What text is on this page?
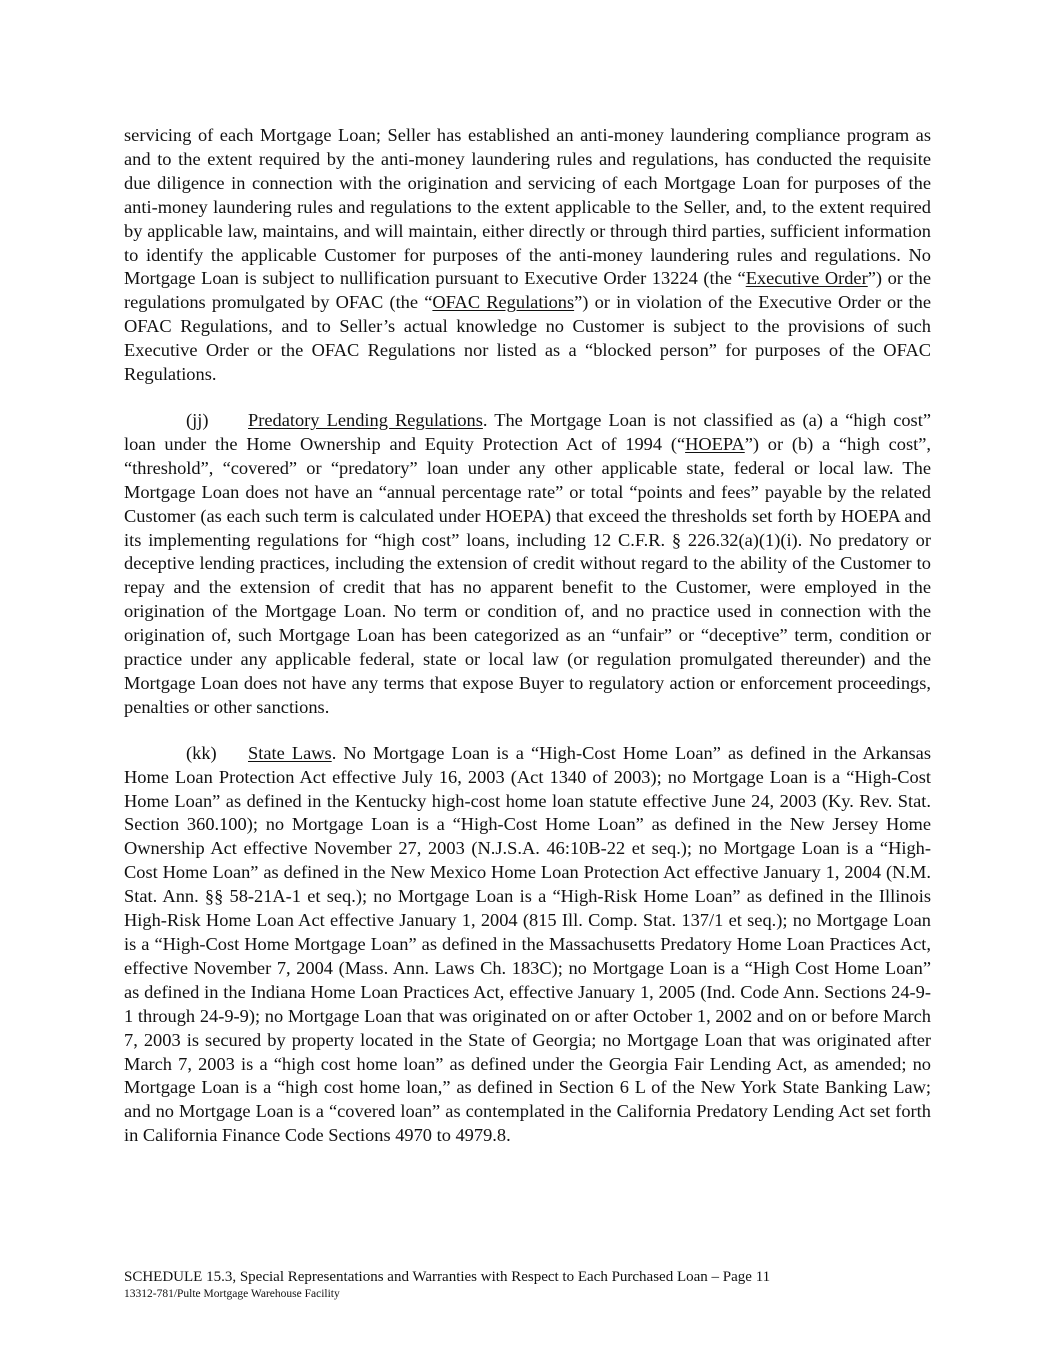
servicing of each Mortgage Loan; Seller has established an anti-money laundering compliance program as and to the extent required by the anti-money laundering rules and regulations, has conducted the requisite due diligence in connection with the origination and servicing of each Mortgage Loan for purposes of the anti-money laundering rules and regulations to the extent applicable to the Seller, and, to the extent required by applicable law, maintains, and will maintain, either directly or through third parties, sufficient information to identify the applicable Customer for purposes of the anti-money laundering rules and regulations. No Mortgage Loan is subject to nullification pursuant to Executive Order 13224 (the “Executive Order”) or the regulations promulgated by OFAC (the “OFAC Regulations”) or in violation of the Executive Order or the OFAC Regulations, and to Seller’s actual knowledge no Customer is subject to the provisions of such Executive Order or the OFAC Regulations nor listed as a “blocked person” for purposes of the OFAC Regulations.

(jj) Predatory Lending Regulations. The Mortgage Loan is not classified as (a) a “high cost” loan under the Home Ownership and Equity Protection Act of 1994 (“HOEPA”) or (b) a “high cost”, “threshold”, “covered” or “predatory” loan under any other applicable state, federal or local law. The Mortgage Loan does not have an “annual percentage rate” or total “points and fees” payable by the related Customer (as each such term is calculated under HOEPA) that exceed the thresholds set forth by HOEPA and its implementing regulations for “high cost” loans, including 12 C.F.R. § 226.32(a)(1)(i). No predatory or deceptive lending practices, including the extension of credit without regard to the ability of the Customer to repay and the extension of credit that has no apparent benefit to the Customer, were employed in the origination of the Mortgage Loan. No term or condition of, and no practice used in connection with the origination of, such Mortgage Loan has been categorized as an “unfair” or “deceptive” term, condition or practice under any applicable federal, state or local law (or regulation promulgated thereunder) and the Mortgage Loan does not have any terms that expose Buyer to regulatory action or enforcement proceedings, penalties or other sanctions.

(kk) State Laws. No Mortgage Loan is a “High-Cost Home Loan” as defined in the Arkansas Home Loan Protection Act effective July 16, 2003 (Act 1340 of 2003); no Mortgage Loan is a “High-Cost Home Loan” as defined in the Kentucky high-cost home loan statute effective June 24, 2003 (Ky. Rev. Stat. Section 360.100); no Mortgage Loan is a “High-Cost Home Loan” as defined in the New Jersey Home Ownership Act effective November 27, 2003 (N.J.S.A. 46:10B-22 et seq.); no Mortgage Loan is a “High-Cost Home Loan” as defined in the New Mexico Home Loan Protection Act effective January 1, 2004 (N.M. Stat. Ann. §§ 58-21A-1 et seq.); no Mortgage Loan is a “High-Risk Home Loan” as defined in the Illinois High-Risk Home Loan Act effective January 1, 2004 (815 Ill. Comp. Stat. 137/1 et seq.); no Mortgage Loan is a “High-Cost Home Mortgage Loan” as defined in the Massachusetts Predatory Home Loan Practices Act, effective November 7, 2004 (Mass. Ann. Laws Ch. 183C); no Mortgage Loan is a “High Cost Home Loan” as defined in the Indiana Home Loan Practices Act, effective January 1, 2005 (Ind. Code Ann. Sections 24-9-1 through 24-9-9); no Mortgage Loan that was originated on or after October 1, 2002 and on or before March 7, 2003 is secured by property located in the State of Georgia; no Mortgage Loan that was originated after March 7, 2003 is a “high cost home loan” as defined under the Georgia Fair Lending Act, as amended; no Mortgage Loan is a “high cost home loan,” as defined in Section 6 L of the New York State Banking Law; and no Mortgage Loan is a “covered loan” as contemplated in the California Predatory Lending Act set forth in California Finance Code Sections 4970 to 4979.8.

SCHEDULE 15.3, Special Representations and Warranties with Respect to Each Purchased Loan – Page 11
13312-781/Pulte Mortgage Warehouse Facility
